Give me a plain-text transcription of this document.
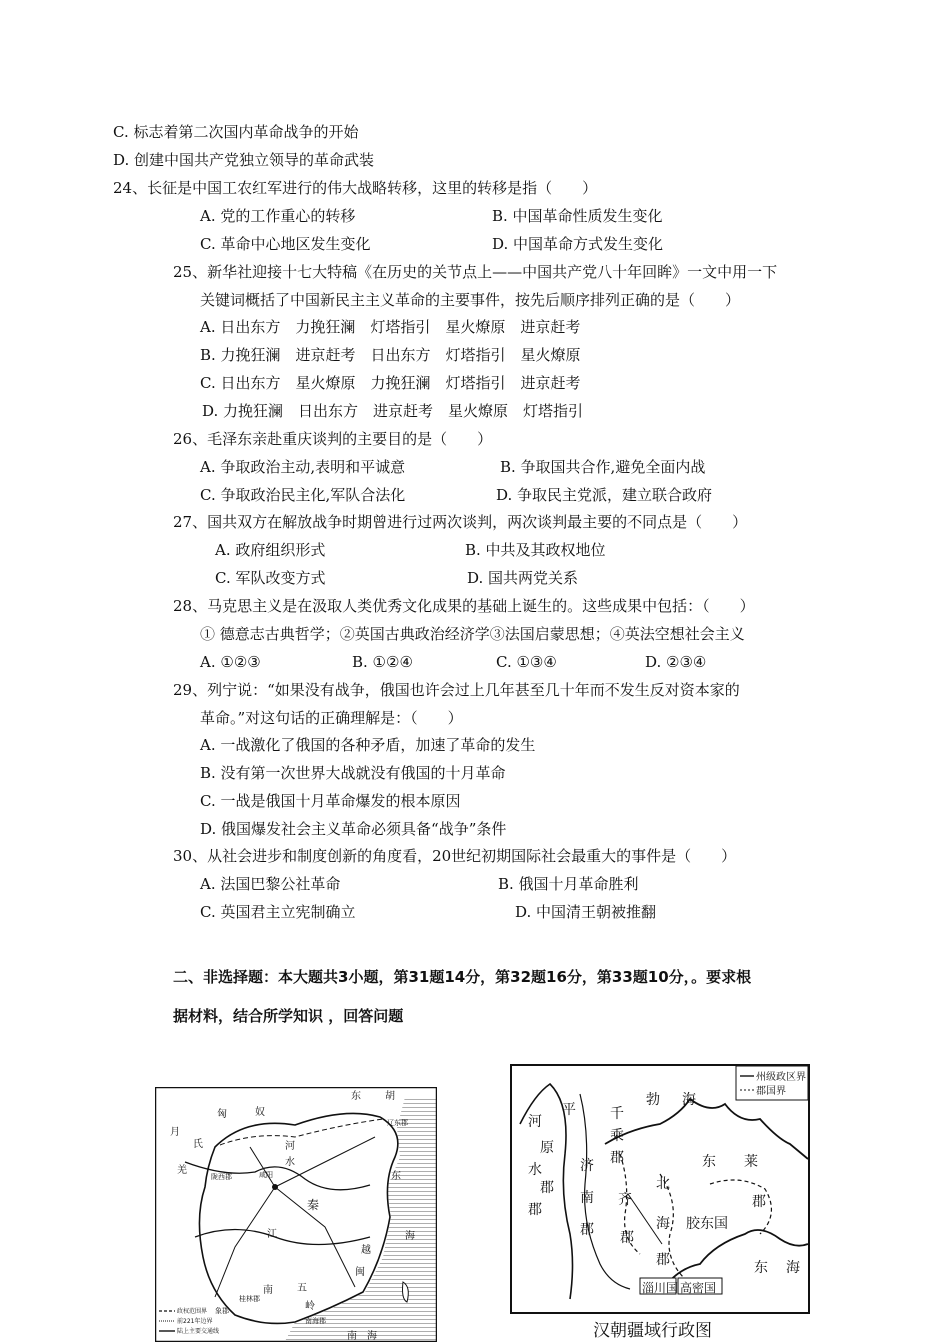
C. 标志着第二次国内革命战争的开始
D. 创建中国共产党独立领导的革命武装
24、长征是中国工农红军进行的伟大战略转移，这里的转移是指（　　）
A. 党的工作重心的转移	B. 中国革命性质发生变化
C. 革命中心地区发生变化	D. 中国革命方式发生变化
25、新华社迎接十七大特稿《在历史的关节点上——中国共产党八十年回眸》一文中用一下
关键词概括了中国新民主主义革命的主要事件，按先后顺序排列正确的是（　　）
A. 日出东方　力挽狂澜　灯塔指引　星火燎原　进京赶考
B. 力挽狂澜　进京赶考　日出东方　灯塔指引　星火燎原
C. 日出东方　星火燎原　力挽狂澜　灯塔指引　进京赶考
D. 力挽狂澜　日出东方　进京赶考　星火燎原　灯塔指引
26、毛泽东亲赴重庆谈判的主要目的是（　　）
A. 争取政治主动,表明和平诚意	B. 争取国共合作,避免全面内战
C. 争取政治民主化,军队合法化	D. 争取民主党派，建立联合政府
27、国共双方在解放战争时期曾进行过两次谈判，两次谈判最主要的不同点是（　　）
A. 政府组织形式	B. 中共及其政权地位
C. 军队改变方式	D. 国共两党关系
28、马克思主义是在汲取人类优秀文化成果的基础上诞生的。这些成果中包括：（　　）
① 德意志古典哲学；②英国古典政治经济学③法国启蒙思想；④英法空想社会主义
A. ①②③	B. ①②④	C. ①③④	D. ②③④
29、列宁说：“如果没有战争，俄国也许会过上几年甚至几十年而不发生反对资本家的
革命。”对这句话的正确理解是：（　　）
A. 一战激化了俄国的各种矛盾，加速了革命的发生
B. 没有第一次世界大战就没有俄国的十月革命
C. 一战是俄国十月革命爆发的根本原因
D. 俄国爆发社会主义革命必须具备“战争”条件
30、从社会进步和制度创新的角度看，20世纪初期国际社会最重大的事件是（　　）
A. 法国巴黎公社革命	B. 俄国十月革命胜利
C. 英国君主立宪制确立	D. 中国清王朝被推翻
二、非选择题：本大题共3小题，第31题14分，第32题16分，第33题10分，。要求根
据材料，结合所学知识 ，回答问题
匈	奴
东 胡
月
氏
羌
陇西郡	咸阳
河
水
秦
江
东
海
越
五
岭
南
桂林郡
象郡
南海郡
闽
南 海
辽东郡
政权范围界
前221年边界
陆上主要交通线
州级政区界
郡国界
河
水
郡
平
原
郡
千
乘
郡
济
南
郡
齐
郡
北
海
郡
勃 海
东 莱
郡
胶东国
东 海
淄川国 高密国
汉朝疆域行政图
